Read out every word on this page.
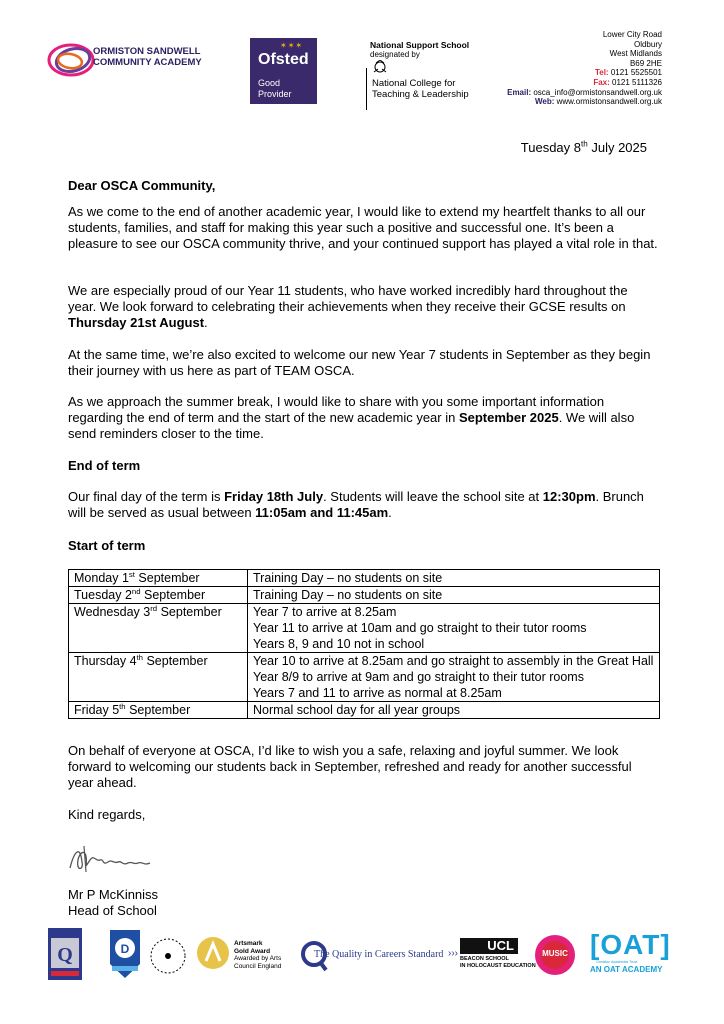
ORMISTON SANDWELL
COMMUNITY ACADEMY
✶✶✶
Ofsted
Good
Provider
National Support School
designated by
National College for
Teaching & Leadership
Lower City Road
Oldbury
West Midlands
B69 2HE
Tel: 0121 5525501
Fax: 0121 5111326
Email: osca_info@ormistonsandwell.org.uk
Web: www.ormistonsandwell.org.uk
Tuesday 8th July 2025
Dear OSCA Community,

As we come to the end of another academic year, I would like to extend my heartfelt thanks to all our students, families, and staff for making this year such a positive and successful one. It’s been a pleasure to see our OSCA community thrive, and your continued support has played a vital role in that.

We are especially proud of our Year 11 students, who have worked incredibly hard throughout the year. We look forward to celebrating their achievements when they receive their GCSE results on Thursday 21st August.

At the same time, we’re also excited to welcome our new Year 7 students in September as they begin their journey with us here as part of TEAM OSCA.

As we approach the summer break, I would like to share with you some important information regarding the end of term and the start of the new academic year in September 2025. We will also send reminders closer to the time.

End of term

Our final day of the term is Friday 18th July. Students will leave the school site at 12:30pm. Brunch will be served as usual between 11:05am and 11:45am.

Start of term
Monday 1st September	Training Day – no students on site

Tuesday 2nd September	Training Day – no students on site

Wednesday 3rd September	Year 7 to arrive at 8.25am
Year 11 to arrive at 10am and go straight to their tutor rooms
Years 8, 9 and 10 not in school

Thursday 4th September	Year 10 to arrive at 8.25am and go straight to assembly in the Great Hall
Year 8/9 to arrive at 9am and go straight to their tutor rooms
Years 7 and 11 to arrive as normal at 8.25am

Friday 5th September	Normal school day for all year groups

On behalf of everyone at OSCA, I’d like to wish you a safe, relaxing and joyful summer. We look forward to welcoming our students back in September, refreshed and ready for another successful year ahead.

Kind regards,
Mr P McKinniss
Head of School
Q	D	Artsmark
Gold Award
Awarded by Arts
Council England
The Quality in Careers Standard ›››
UCL
BEACON SCHOOL
IN HOLOCAUST EDUCATION
MUSIC [OAT]
Ormiston Academies Trust
AN OAT ACADEMY
